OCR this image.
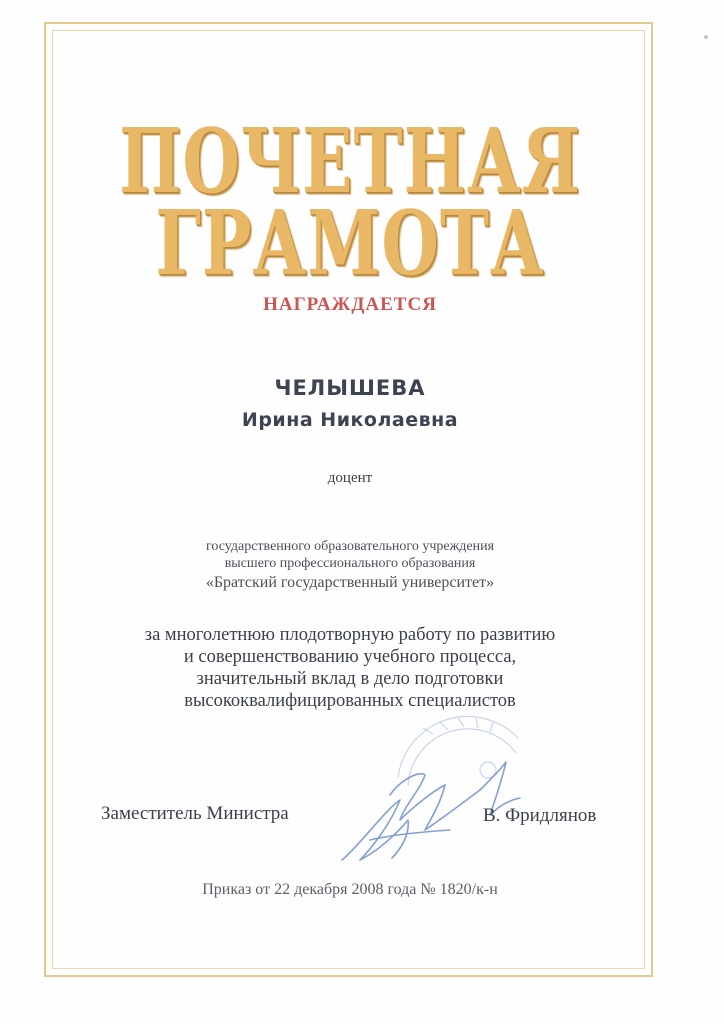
ПОЧЕТНАЯ
ГРАМОТА
НАГРАЖДАЕТСЯ
ЧЕЛЫШЕВА
Ирина Николаевна
доцент
государственного образовательного учреждения
высшего профессионального образования
«Братский государственный университет»
за многолетнюю плодотворную работу по развитию
и совершенствованию учебного процесса,
значительный вклад в дело подготовки
высококвалифицированных специалистов
Заместитель Министра	В. Фридлянов
Приказ от 22 декабря 2008 года № 1820/к-н
